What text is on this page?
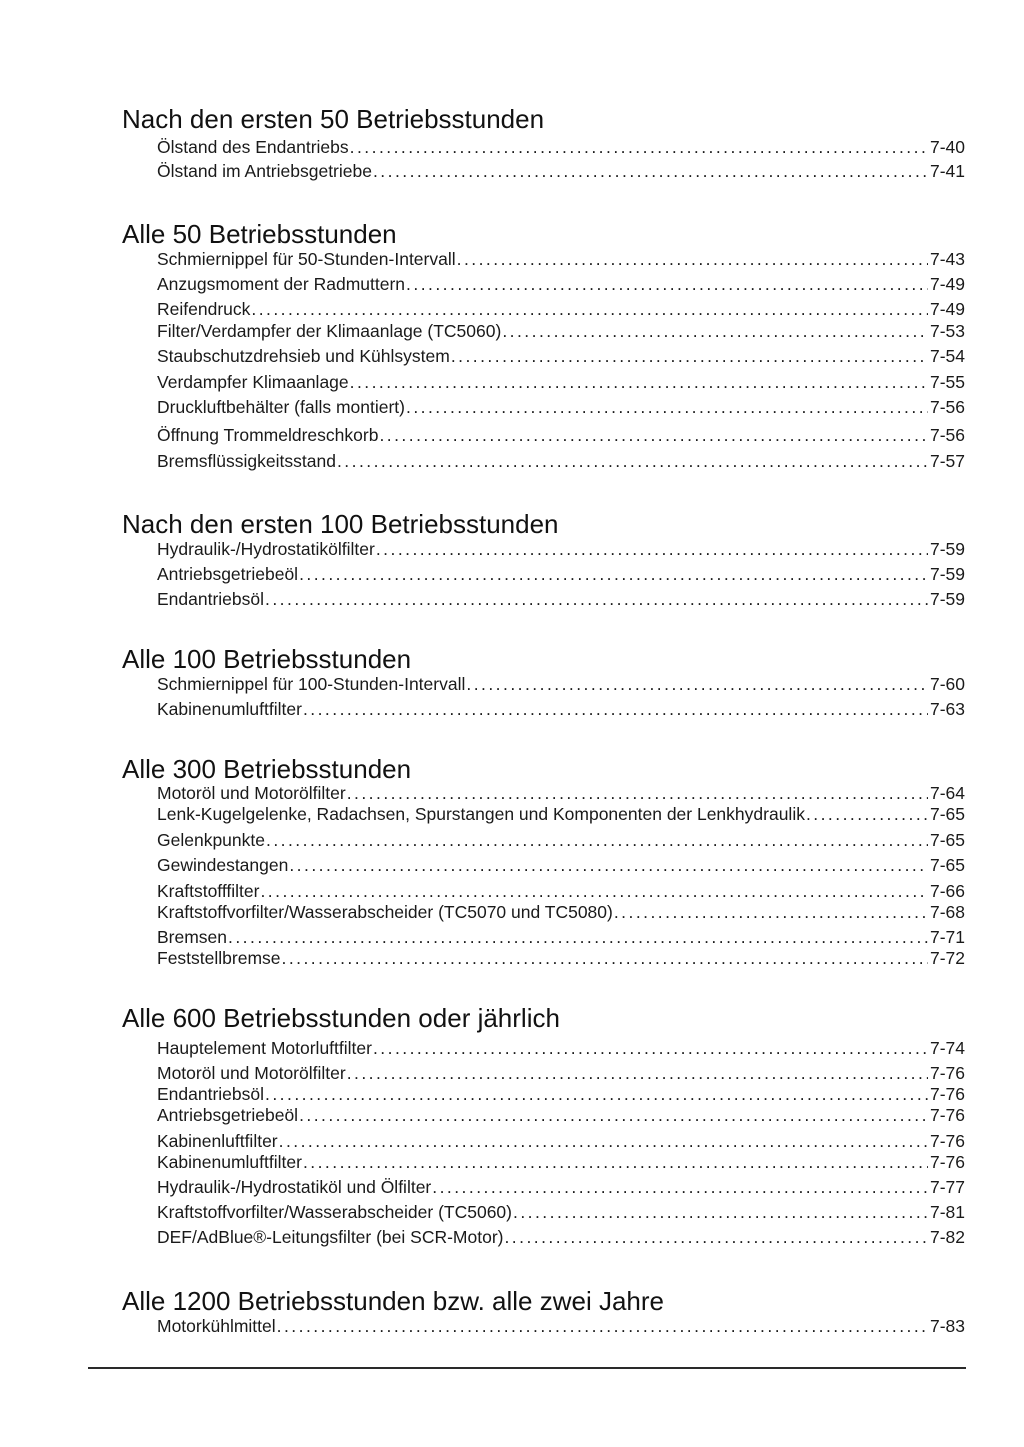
Nach den ersten 50 Betriebsstunden
Ölstand des Endantriebs . . .	7-40
Ölstand im Antriebsgetriebe . . .	7-41
Alle 50 Betriebsstunden
Schmiernippel für 50-Stunden-Intervall . . .	7-43
Anzugsmoment der Radmuttern . . .	7-49
Reifendruck . . .	7-49
Filter/Verdampfer der Klimaanlage (TC5060) . . .	7-53
Staubschutzdrehsieb und Kühlsystem . . .	7-54
Verdampfer Klimaanlage . . .	7-55
Druckluftbehälter (falls montiert) . . .	7-56
Öffnung Trommeldreschkorb . . .	7-56
Bremsflüssigkeitsstand . . .	7-57
Nach den ersten 100 Betriebsstunden
Hydraulik-/Hydrostatikölfilter . . .	7-59
Antriebsgetriebeöl . . .	7-59
Endantriebsöl . . .	7-59
Alle 100 Betriebsstunden
Schmiernippel für 100-Stunden-Intervall . . .	7-60
Kabinenumluftfilter . . .	7-63
Alle 300 Betriebsstunden
Motoröl und Motorölfilter . . .	7-64
Lenk-Kugelgelenke, Radachsen, Spurstangen und Komponenten der Lenkhydraulik . . .	7-65
Gelenkpunkte . . .	7-65
Gewindestangen . . .	7-65
Kraftstofffilter . . .	7-66
Kraftstoffvorfilter/Wasserabscheider (TC5070 und TC5080) . . .	7-68
Bremsen . . .	7-71
Feststellbremse . . .	7-72
Alle 600 Betriebsstunden oder jährlich
Hauptelement Motorluftfilter . . .	7-74
Motoröl und Motorölfilter . . .	7-76
Endantriebsöl . . .	7-76
Antriebsgetriebeöl . . .	7-76
Kabinenluftfilter . . .	7-76
Kabinenumluftfilter . . .	7-76
Hydraulik-/Hydrostatiköl und Ölfilter . . .	7-77
Kraftstoffvorfilter/Wasserabscheider (TC5060) . . .	7-81
DEF/AdBlue®-Leitungsfilter (bei SCR-Motor) . . .	7-82
Alle 1200 Betriebsstunden bzw. alle zwei Jahre
Motorkühlmittel . . .	7-83
